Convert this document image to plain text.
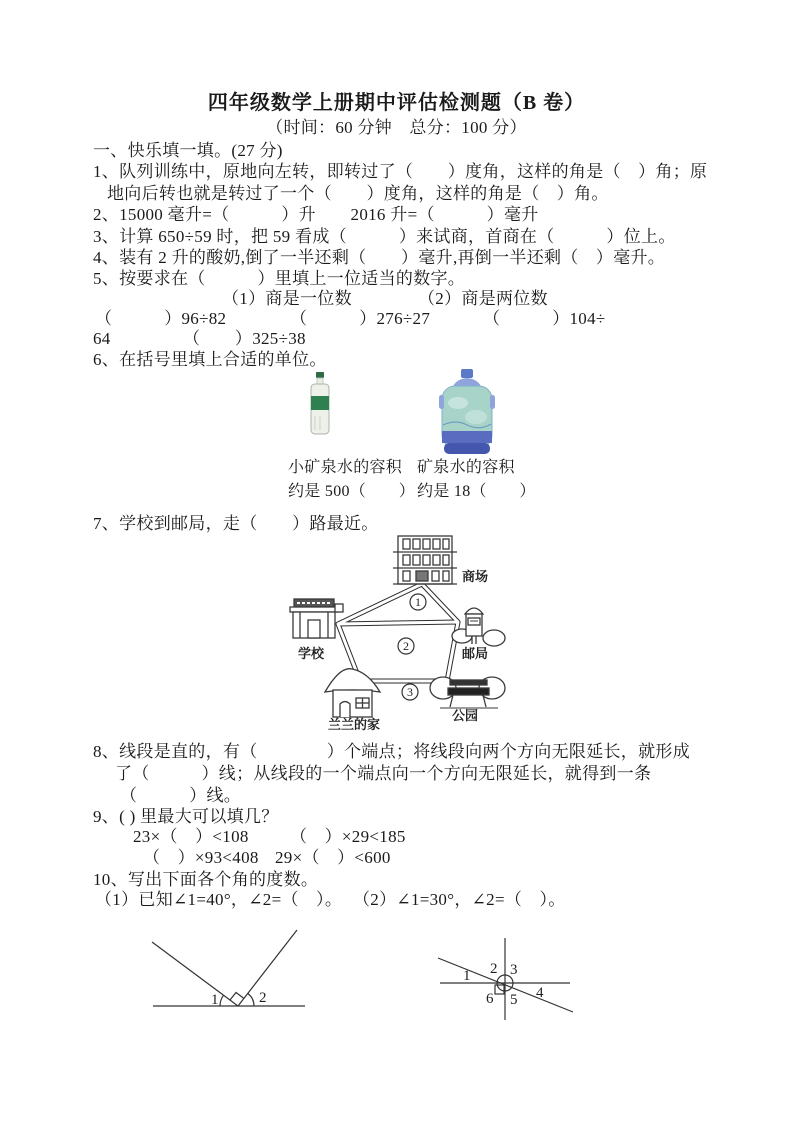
四年级数学上册期中评估检测题（B 卷）
（时间：60 分钟　总分：100 分）
一、快乐填一填。(27 分)
1、队列训练中，原地向左转，即转过了（　　）度角，这样的角是（　）角；原
地向后转也就是转过了一个（　　）度角，这样的角是（　）角。
2、15000 毫升=（　　　）升　　2016 升=（　　　）毫升
3、计算 650÷59 时，把 59 看成（　　　）来试商，首商在（　　　）位上。
4、装有 2 升的酸奶,倒了一半还剩（　　）毫升,再倒一半还剩（　）毫升。
5、按要求在（　　　）里填上一位适当的数字。
（1）商是一位数	（2）商是两位数
（　　　）96÷82	（　　　）276÷27	（　　　）104÷
64	（　　）325÷38
6、在括号里填上合适的单位。
小矿泉水的容积
约是 500（　　）
矿泉水的容积
约是 18（　　）
7、学校到邮局，走（　　）路最近。
商场
学校	邮局
兰兰的家
公园
1
2
3
8、线段是直的，有（　　　　）个端点；将线段向两个方向无限延长，就形成
了（　　　）线；从线段的一个端点向一个方向无限延长，就得到一条
（　　　）线。
9、( ) 里最大可以填几？
23×（　）<108 （　）×29<185
（　）×93<408 29×（　）<600
10、写出下面各个角的度数。
（1）已知∠1=40°，∠2=（　）。 （2）∠1=30°，∠2=（　）。
1	2
1 2 3
4
5
6
